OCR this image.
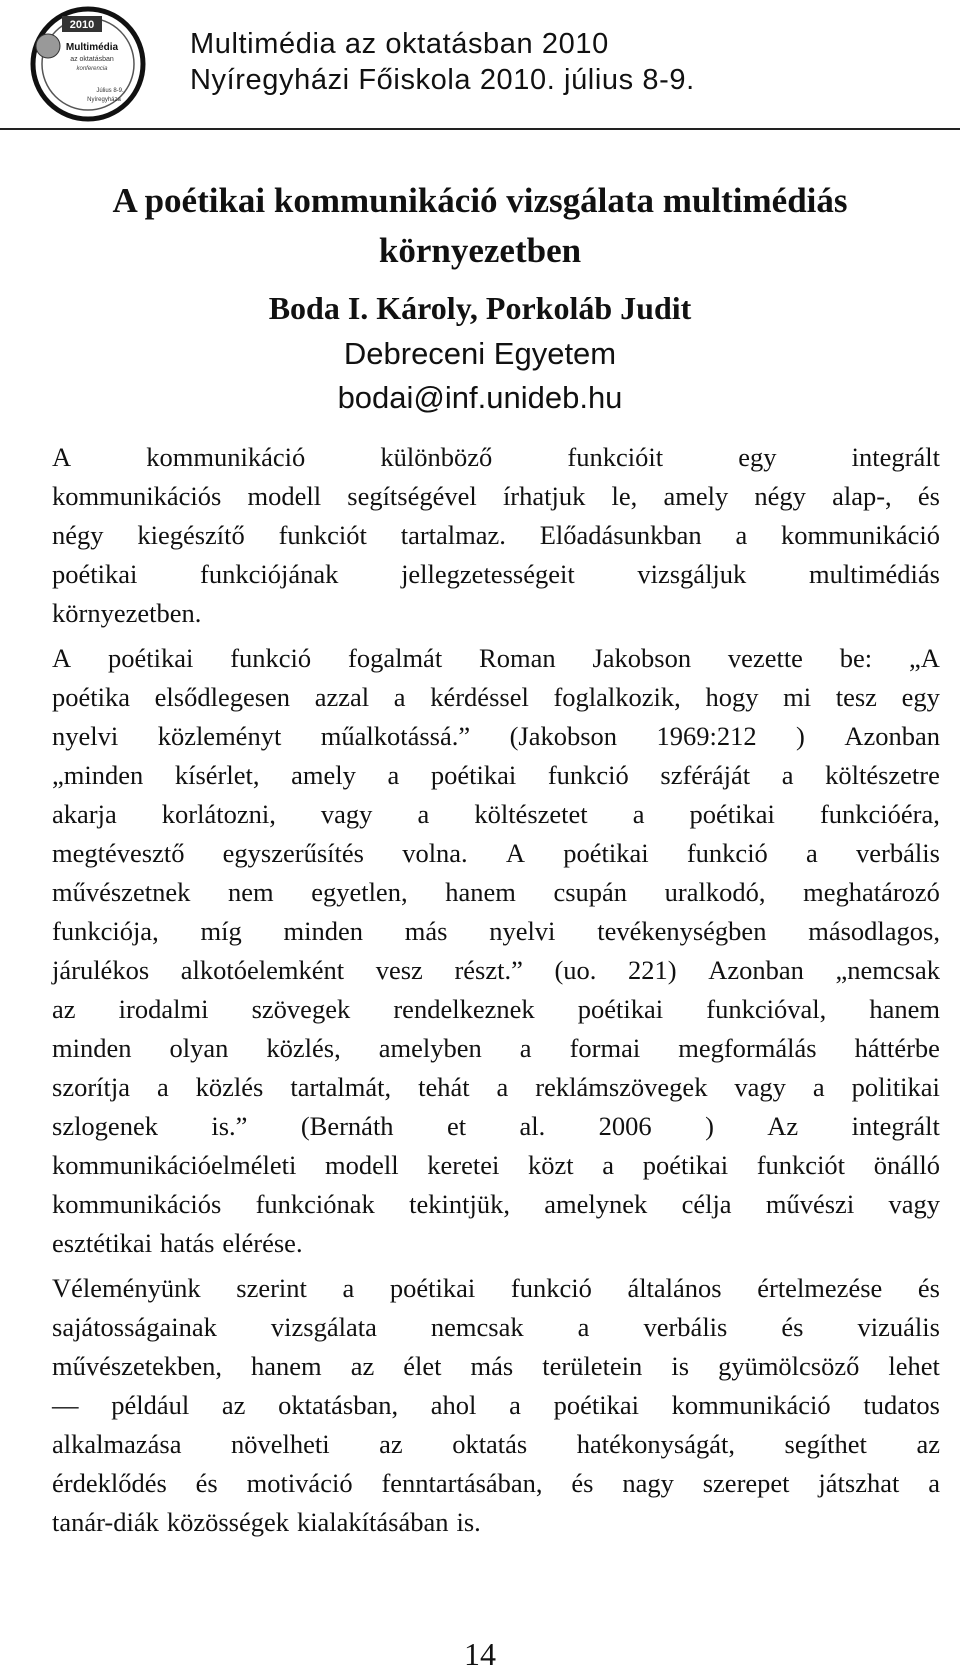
2010
Multimédia
az oktatásban
konferencia
Július 8-9.
Nyíregyháza
Multimédia az oktatásban 2010
Nyíregyházi Főiskola 2010. július 8-9.
A poétikai kommunikáció vizsgálata multimédiás
környezetben
Boda I. Károly, Porkoláb Judit
Debreceni Egyetem
bodai@inf.unideb.hu
A	kommunikáció	különböző	funkcióit	egy	integrált
kommunikációs modell segítségével írhatjuk le, amely négy alap-, és
négy kiegészítő funkciót tartalmaz. Előadásunkban a kommunikáció
poétikai funkciójának jellegzetességeit vizsgáljuk multimédiás
környezetben.
A poétikai funkció fogalmát Roman Jakobson vezette be: „A
poétika elsődlegesen azzal a kérdéssel foglalkozik, hogy mi tesz egy
nyelvi közleményt műalkotássá.” (Jakobson 1969:212 ) Azonban
„minden kísérlet, amely a poétikai funkció szféráját a költészetre
akarja korlátozni, vagy a költészetet a poétikai funkcióéra,
megtévesztő egyszerűsítés volna. A poétikai funkció a verbális
művészetnek nem egyetlen, hanem csupán uralkodó, meghatározó
funkciója, míg minden más nyelvi tevékenységben másodlagos,
járulékos alkotóelemként vesz részt.” (uo. 221) Azonban „nemcsak
az irodalmi szövegek rendelkeznek poétikai funkcióval, hanem
minden olyan közlés, amelyben a formai megformálás háttérbe
szorítja a közlés tartalmát, tehát a reklámszövegek vagy a politikai
szlogenek is.” (Bernáth et al. 2006 ) Az integrált
kommunikációelméleti modell keretei közt a poétikai funkciót önálló
kommunikációs funkciónak tekintjük, amelynek célja művészi vagy
esztétikai hatás elérése.
Véleményünk szerint a poétikai funkció általános értelmezése és
sajátosságainak vizsgálata nemcsak a verbális és vizuális
művészetekben, hanem az élet más területein is gyümölcsöző lehet
— például az oktatásban, ahol a poétikai kommunikáció tudatos
alkalmazása növelheti az oktatás hatékonyságát, segíthet az
érdeklődés és motiváció fenntartásában, és nagy szerepet játszhat a
tanár-diák közösségek kialakításában is.
14
